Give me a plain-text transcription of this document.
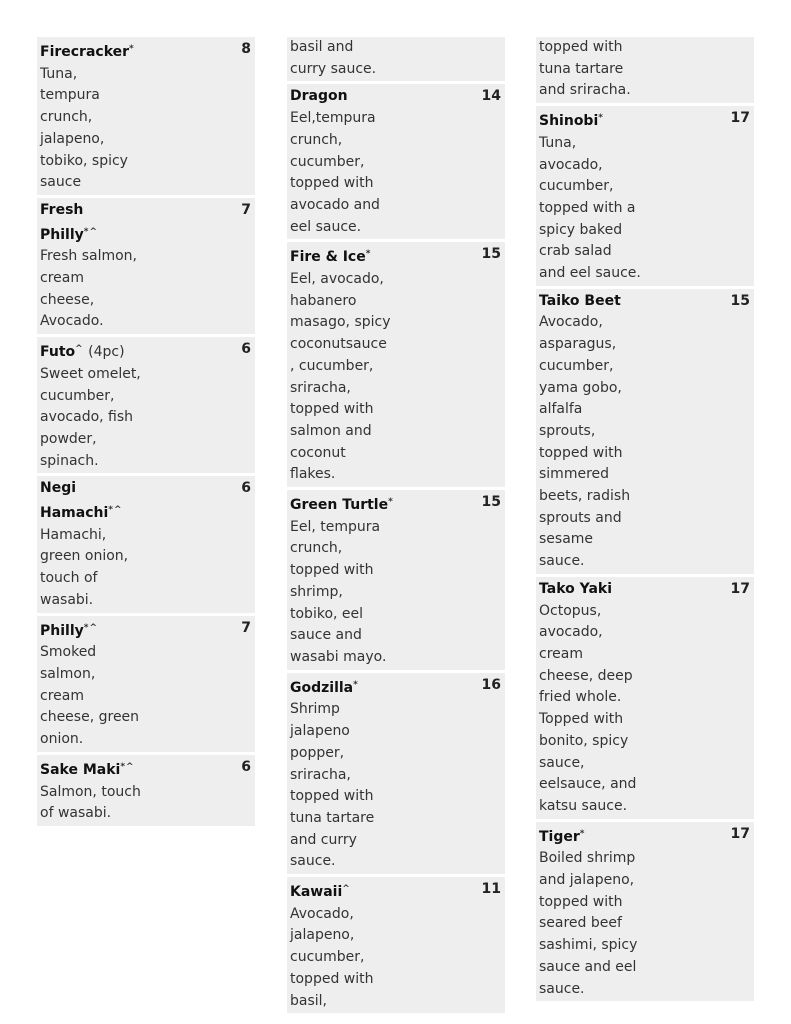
Firecracker*	8
Tuna,
tempura
crunch,
jalapeno,
tobiko, spicy
sauce
Fresh
Philly*^
7
Fresh salmon,
cream
cheese,
Avocado.
Futo^ (4pc)	6
Sweet omelet,
cucumber,
avocado, fish
powder,
spinach.
Negi
Hamachi*^
6
Hamachi,
green onion,
touch of
wasabi.
Philly*^	7
Smoked
salmon,
cream
cheese, green
onion.
Sake Maki*^	6
Salmon, touch
of wasabi.
basil and
curry sauce.
Dragon	14
Eel,tempura
crunch,
cucumber,
topped with
avocado and
eel sauce.
Fire & Ice*	15
Eel, avocado,
habanero
masago, spicy
coconutsauce
, cucumber,
sriracha,
topped with
salmon and
coconut
flakes.
Green Turtle*	15
Eel, tempura
crunch,
topped with
shrimp,
tobiko, eel
sauce and
wasabi mayo.
Godzilla*	16
Shrimp
jalapeno
popper,
sriracha,
topped with
tuna tartare
and curry
sauce.
Kawaii^	11
Avocado,
jalapeno,
cucumber,
topped with
basil,
topped with
tuna tartare
and sriracha.
Shinobi*	17
Tuna,
avocado,
cucumber,
topped with a
spicy baked
crab salad
and eel sauce.
Taiko Beet	15
Avocado,
asparagus,
cucumber,
yama gobo,
alfalfa
sprouts,
topped with
simmered
beets, radish
sprouts and
sesame
sauce.
Tako Yaki	17
Octopus,
avocado,
cream
cheese, deep
fried whole.
Topped with
bonito, spicy
sauce,
eelsauce, and
katsu sauce.
Tiger*	17
Boiled shrimp
and jalapeno,
topped with
seared beef
sashimi, spicy
sauce and eel
sauce.
